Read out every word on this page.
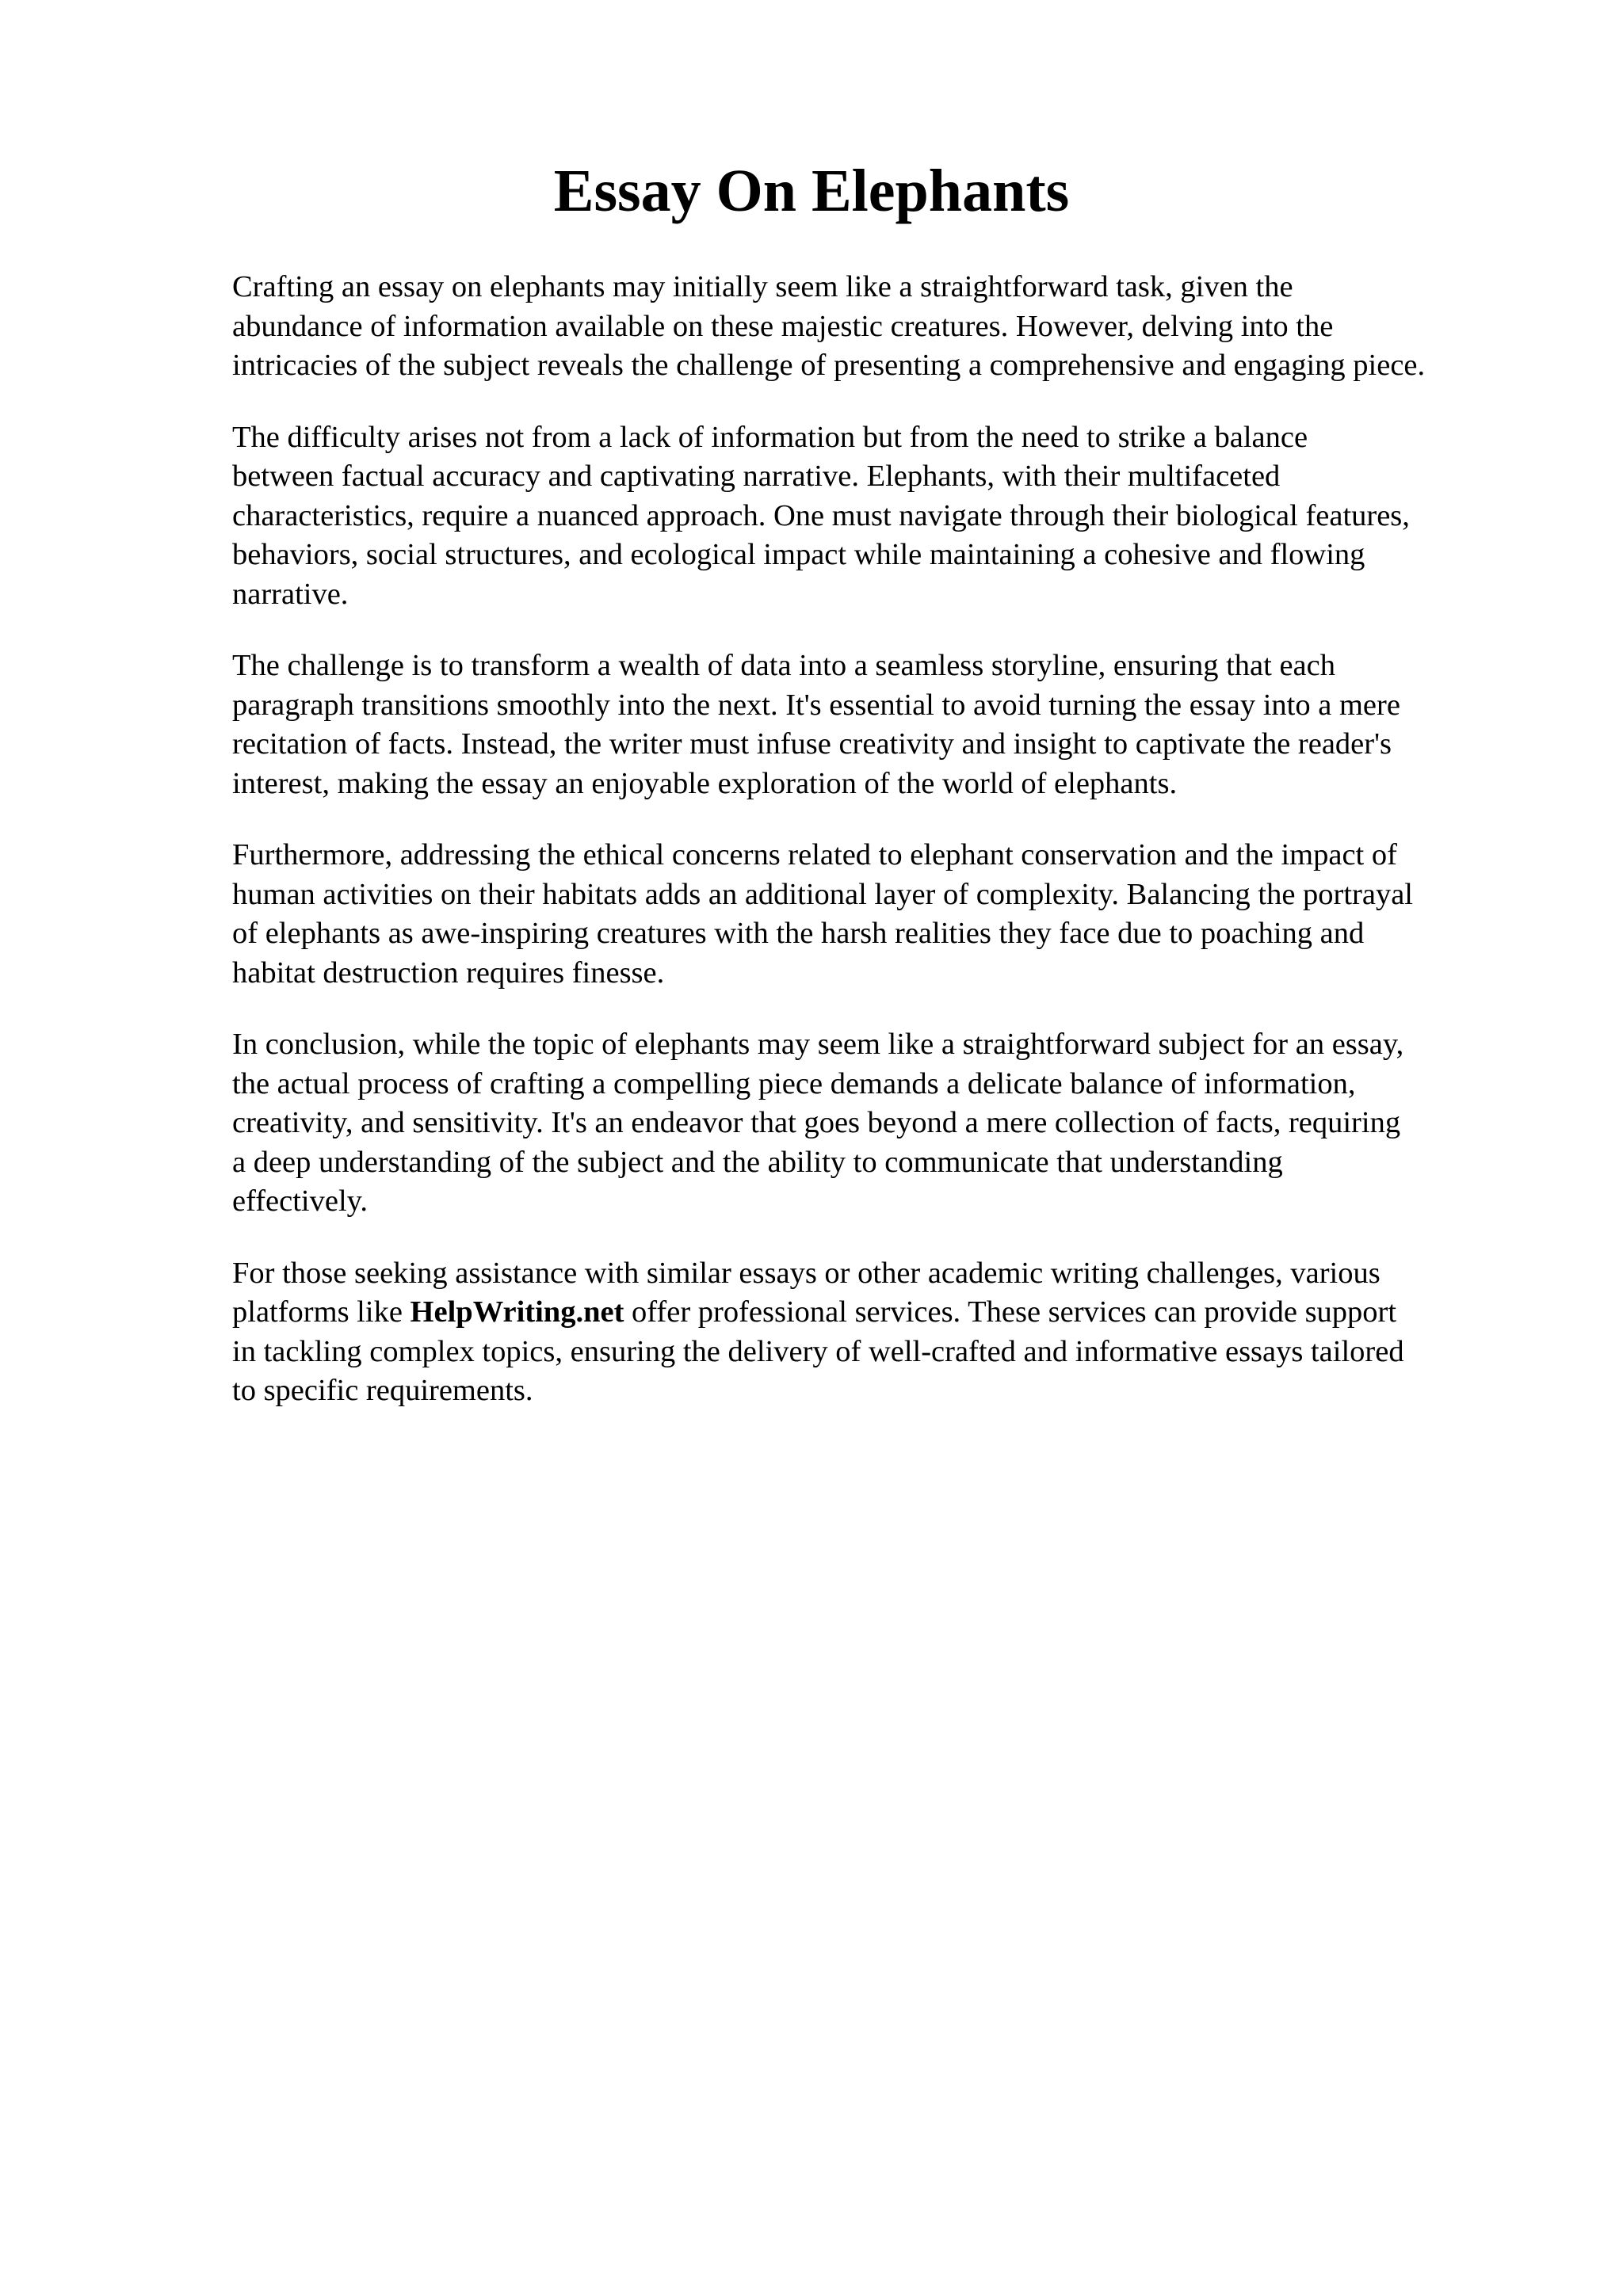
Essay On Elephants

Crafting an essay on elephants may initially seem like a straightforward task, given the
abundance of information available on these majestic creatures. However, delving into the
intricacies of the subject reveals the challenge of presenting a comprehensive and engaging piece.

The difficulty arises not from a lack of information but from the need to strike a balance
between factual accuracy and captivating narrative. Elephants, with their multifaceted
characteristics, require a nuanced approach. One must navigate through their biological features,
behaviors, social structures, and ecological impact while maintaining a cohesive and flowing
narrative.

The challenge is to transform a wealth of data into a seamless storyline, ensuring that each
paragraph transitions smoothly into the next. It's essential to avoid turning the essay into a mere
recitation of facts. Instead, the writer must infuse creativity and insight to captivate the reader's
interest, making the essay an enjoyable exploration of the world of elephants.

Furthermore, addressing the ethical concerns related to elephant conservation and the impact of
human activities on their habitats adds an additional layer of complexity. Balancing the portrayal
of elephants as awe-inspiring creatures with the harsh realities they face due to poaching and
habitat destruction requires finesse.

In conclusion, while the topic of elephants may seem like a straightforward subject for an essay,
the actual process of crafting a compelling piece demands a delicate balance of information,
creativity, and sensitivity. It's an endeavor that goes beyond a mere collection of facts, requiring
a deep understanding of the subject and the ability to communicate that understanding
effectively.

For those seeking assistance with similar essays or other academic writing challenges, various
platforms like HelpWriting.net offer professional services. These services can provide support
in tackling complex topics, ensuring the delivery of well-crafted and informative essays tailored
to specific requirements.
